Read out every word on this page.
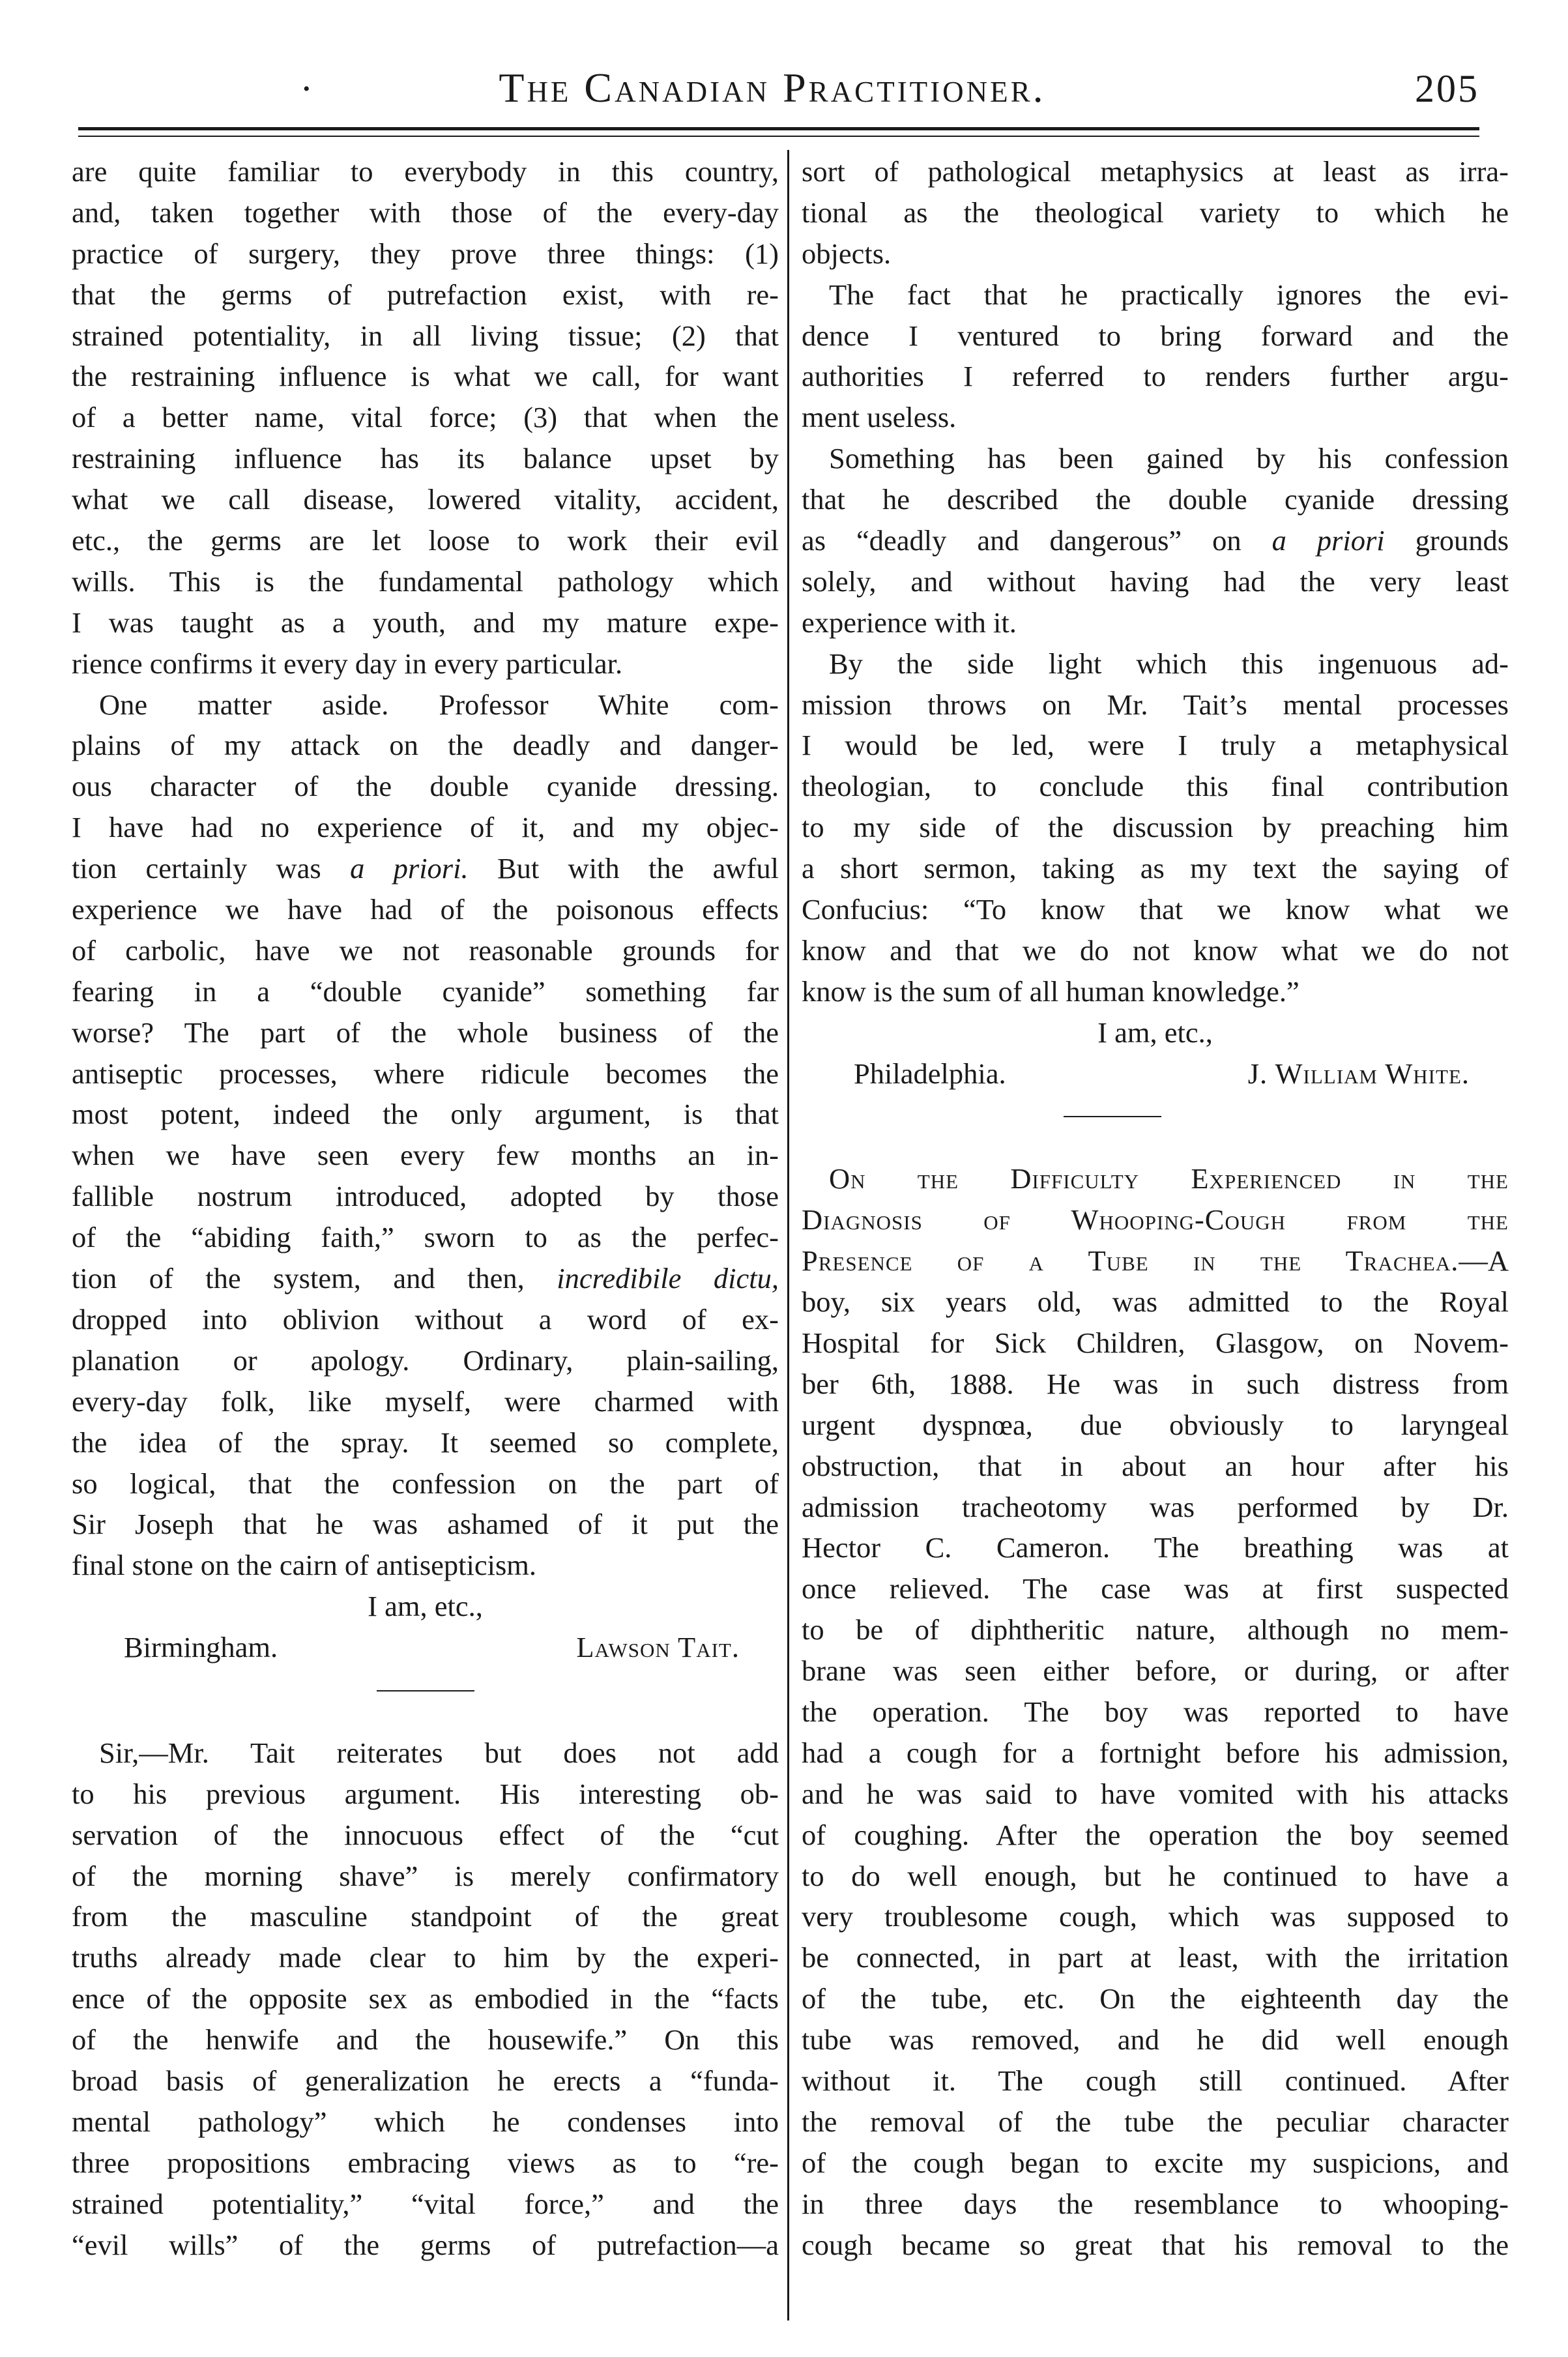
•	The Canadian Practitioner.	205
are quite familiar to everybody in this country,
and, taken together with those of the every-day
practice of surgery, they prove three things: (1)
that the germs of putrefaction exist, with re-
strained potentiality, in all living tissue; (2) that
the restraining influence is what we call, for want
of a better name, vital force; (3) that when the
restraining influence has its balance upset by
what we call disease, lowered vitality, accident,
etc., the germs are let loose to work their evil
wills. This is the fundamental pathology which
I was taught as a youth, and my mature expe-
rience confirms it every day in every particular.
One matter aside. Professor White com-
plains of my attack on the deadly and danger-
ous character of the double cyanide dressing.
I have had no experience of it, and my objec-
tion certainly was a priori. But with the awful
experience we have had of the poisonous effects
of carbolic, have we not reasonable grounds for
fearing in a “double cyanide” something far
worse? The part of the whole business of the
antiseptic processes, where ridicule becomes the
most potent, indeed the only argument, is that
when we have seen every few months an in-
fallible nostrum introduced, adopted by those
of the “abiding faith,” sworn to as the perfec-
tion of the system, and then, incredibile dictu,
dropped into oblivion without a word of ex-
planation or apology. Ordinary, plain-sailing,
every-day folk, like myself, were charmed with
the idea of the spray. It seemed so complete,
so logical, that the confession on the part of
Sir Joseph that he was ashamed of it put the
final stone on the cairn of antisepticism.
I am, etc.,
Birmingham.	Lawson Tait.
Sir,—Mr. Tait reiterates but does not add
to his previous argument. His interesting ob-
servation of the innocuous effect of the “cut
of the morning shave” is merely confirmatory
from the masculine standpoint of the great
truths already made clear to him by the experi-
ence of the opposite sex as embodied in the “facts
of the henwife and the housewife.” On this
broad basis of generalization he erects a “funda-
mental pathology” which he condenses into
three propositions embracing views as to “re-
strained potentiality,” “vital force,” and the
“evil wills” of the germs of putrefaction—a
sort of pathological metaphysics at least as irra-
tional as the theological variety to which he
objects.
The fact that he practically ignores the evi-
dence I ventured to bring forward and the
authorities I referred to renders further argu-
ment useless.
Something has been gained by his confession
that he described the double cyanide dressing
as “deadly and dangerous” on a priori grounds
solely, and without having had the very least
experience with it.
By the side light which this ingenuous ad-
mission throws on Mr. Tait’s mental processes
I would be led, were I truly a metaphysical
theologian, to conclude this final contribution
to my side of the discussion by preaching him
a short sermon, taking as my text the saying of
Confucius: “To know that we know what we
know and that we do not know what we do not
know is the sum of all human knowledge.”
I am, etc.,
Philadelphia.	J. William White.
On the Difficulty Experienced in the
Diagnosis of Whooping-Cough from the
Presence of a Tube in the Trachea.—A
boy, six years old, was admitted to the Royal
Hospital for Sick Children, Glasgow, on Novem-
ber 6th, 1888. He was in such distress from
urgent dyspnœa, due obviously to laryngeal
obstruction, that in about an hour after his
admission tracheotomy was performed by Dr.
Hector C. Cameron. The breathing was at
once relieved. The case was at first suspected
to be of diphtheritic nature, although no mem-
brane was seen either before, or during, or after
the operation. The boy was reported to have
had a cough for a fortnight before his admission,
and he was said to have vomited with his attacks
of coughing. After the operation the boy seemed
to do well enough, but he continued to have a
very troublesome cough, which was supposed to
be connected, in part at least, with the irritation
of the tube, etc. On the eighteenth day the
tube was removed, and he did well enough
without it. The cough still continued. After
the removal of the tube the peculiar character
of the cough began to excite my suspicions, and
in three days the resemblance to whooping-
cough became so great that his removal to the
